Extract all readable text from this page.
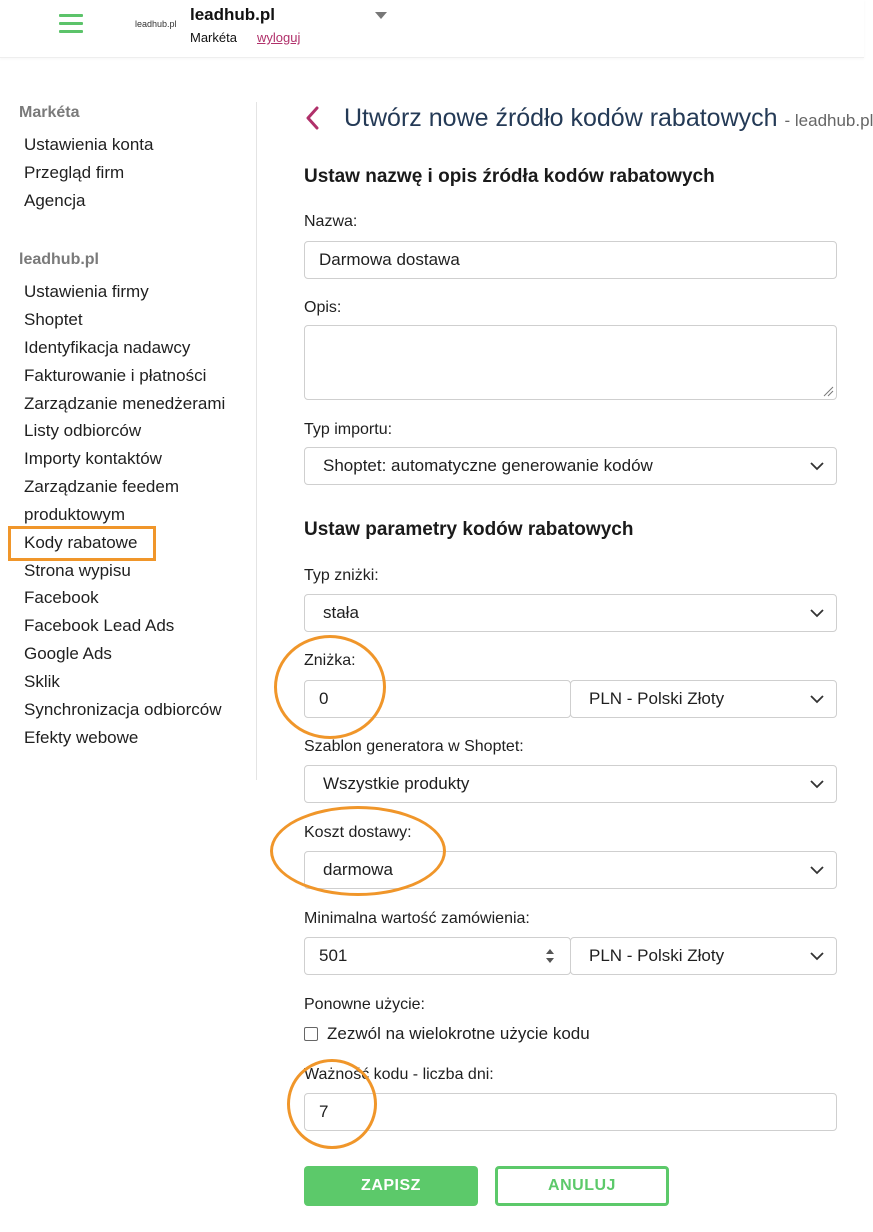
leadhub.pl leadhub.pl
Markéta wyloguj
Markéta
Ustawienia konta
Przegląd firm
Agencja
leadhub.pl
Ustawienia firmy
Shoptet
Identyfikacja nadawcy
Fakturowanie i płatności
Zarządzanie menedżerami
Listy odbiorców
Importy kontaktów
Zarządzanie feedem
produktowym
Kody rabatowe
Strona wypisu
Facebook
Facebook Lead Ads
Google Ads
Sklik
Synchronizacja odbiorców
Efekty webowe
Utwórz nowe źródło kodów rabatowych - leadhub.pl
Ustaw nazwę i opis źródła kodów rabatowych
Nazwa:
Darmowa dostawa
Opis:
Typ importu:
Shoptet: automatyczne generowanie kodów
Ustaw parametry kodów rabatowych
Typ zniżki:
stała
Zniżka:
0	PLN - Polski Złoty
Szablon generatora w Shoptet:
Wszystkie produkty
Koszt dostawy:
darmowa
Minimalna wartość zamówienia:
501	PLN - Polski Złoty
Ponowne użycie:
Zezwól na wielokrotne użycie kodu
Ważność kodu - liczba dni:
7
ZAPISZ	ANULUJ
